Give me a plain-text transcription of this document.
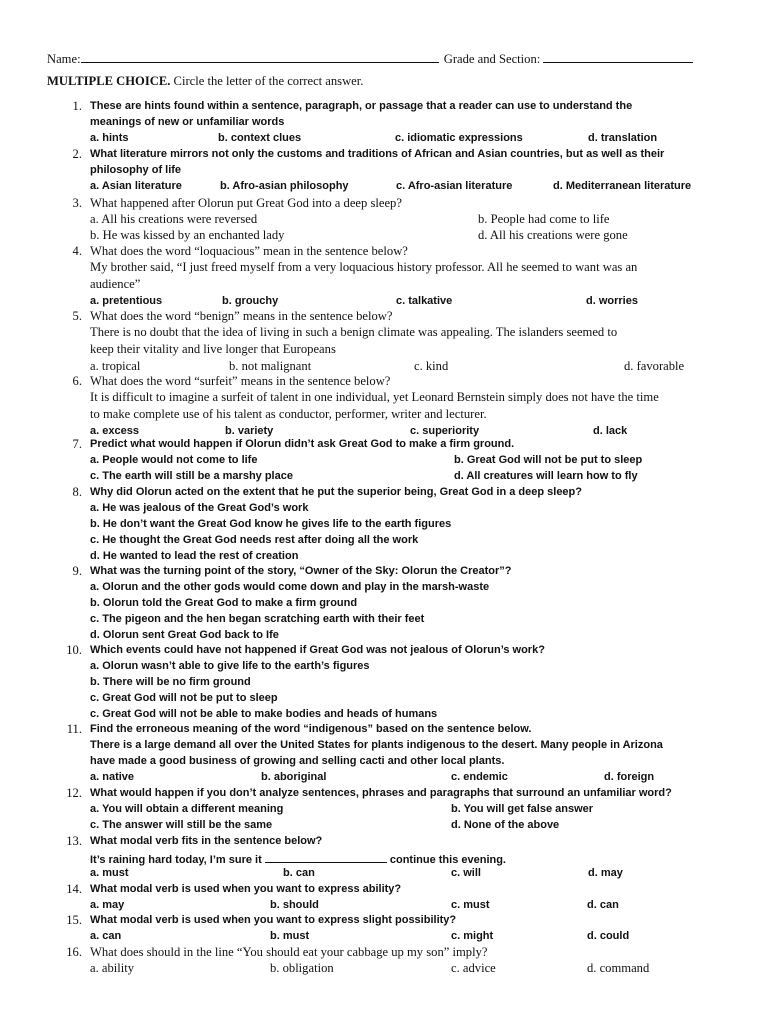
Name:	Grade and Section:
MULTIPLE CHOICE. Circle the letter of the correct answer.
1. These are hints found within a sentence, paragraph, or passage that a reader can use to understand the
meanings of new or unfamiliar words
a. hints	b. context clues	c. idiomatic expressions	d. translation
2. What literature mirrors not only the customs and traditions of African and Asian countries, but as well as their
philosophy of life
a. Asian literature	b. Afro-asian philosophy	c. Afro-asian literature	d. Mediterranean literature
3. What happened after Olorun put Great God into a deep sleep?
a. All his creations were reversed	b. People had come to life
b. He was kissed by an enchanted lady	d. All his creations were gone
4. What does the word “loquacious” mean in the sentence below?
My brother said, “I just freed myself from a very loquacious history professor. All he seemed to want was an
audience”
a. pretentious	b. grouchy	c. talkative	d. worries
5. What does the word “benign” means in the sentence below?
There is no doubt that the idea of living in such a benign climate was appealing. The islanders seemed to
keep their vitality and live longer that Europeans
a. tropical	b. not malignant	c. kind	d. favorable
6. What does the word “surfeit” means in the sentence below?
It is difficult to imagine a surfeit of talent in one individual, yet Leonard Bernstein simply does not have the time
to make complete use of his talent as conductor, performer, writer and lecturer.
a. excess	b. variety	c. superiority	d. lack
7. Predict what would happen if Olorun didn’t ask Great God to make a firm ground.
a. People would not come to life	b. Great God will not be put to sleep
c. The earth will still be a marshy place	d. All creatures will learn how to fly
8. Why did Olorun acted on the extent that he put the superior being, Great God in a deep sleep?
a. He was jealous of the Great God’s work
b. He don’t want the Great God know he gives life to the earth figures
c. He thought the Great God needs rest after doing all the work
d. He wanted to lead the rest of creation
9. What was the turning point of the story, “Owner of the Sky: Olorun the Creator”?
a. Olorun and the other gods would come down and play in the marsh-waste
b. Olorun told the Great God to make a firm ground
c. The pigeon and the hen began scratching earth with their feet
d. Olorun sent Great God back to Ife
10. Which events could have not happened if Great God was not jealous of Olorun’s work?
a. Olorun wasn’t able to give life to the earth’s figures
b. There will be no firm ground
c. Great God will not be put to sleep
c. Great God will not be able to make bodies and heads of humans
11. Find the erroneous meaning of the word “indigenous” based on the sentence below.
There is a large demand all over the United States for plants indigenous to the desert. Many people in Arizona
have made a good business of growing and selling cacti and other local plants.
a. native	b. aboriginal	c. endemic	d. foreign
12. What would happen if you don’t analyze sentences, phrases and paragraphs that surround an unfamiliar word?
a. You will obtain a different meaning	b. You will get false answer
c. The answer will still be the same	d. None of the above
13. What modal verb fits in the sentence below?
It’s raining hard today, I’m sure it	continue this evening.
a. must	b. can	c. will	d. may
14. What modal verb is used when you want to express ability?
a. may	b. should	c. must	d. can
15. What modal verb is used when you want to express slight possibility?
a. can	b. must	c. might	d. could
16. What does should in the line “You should eat your cabbage up my son” imply?
a. ability	b. obligation	c. advice	d. command
